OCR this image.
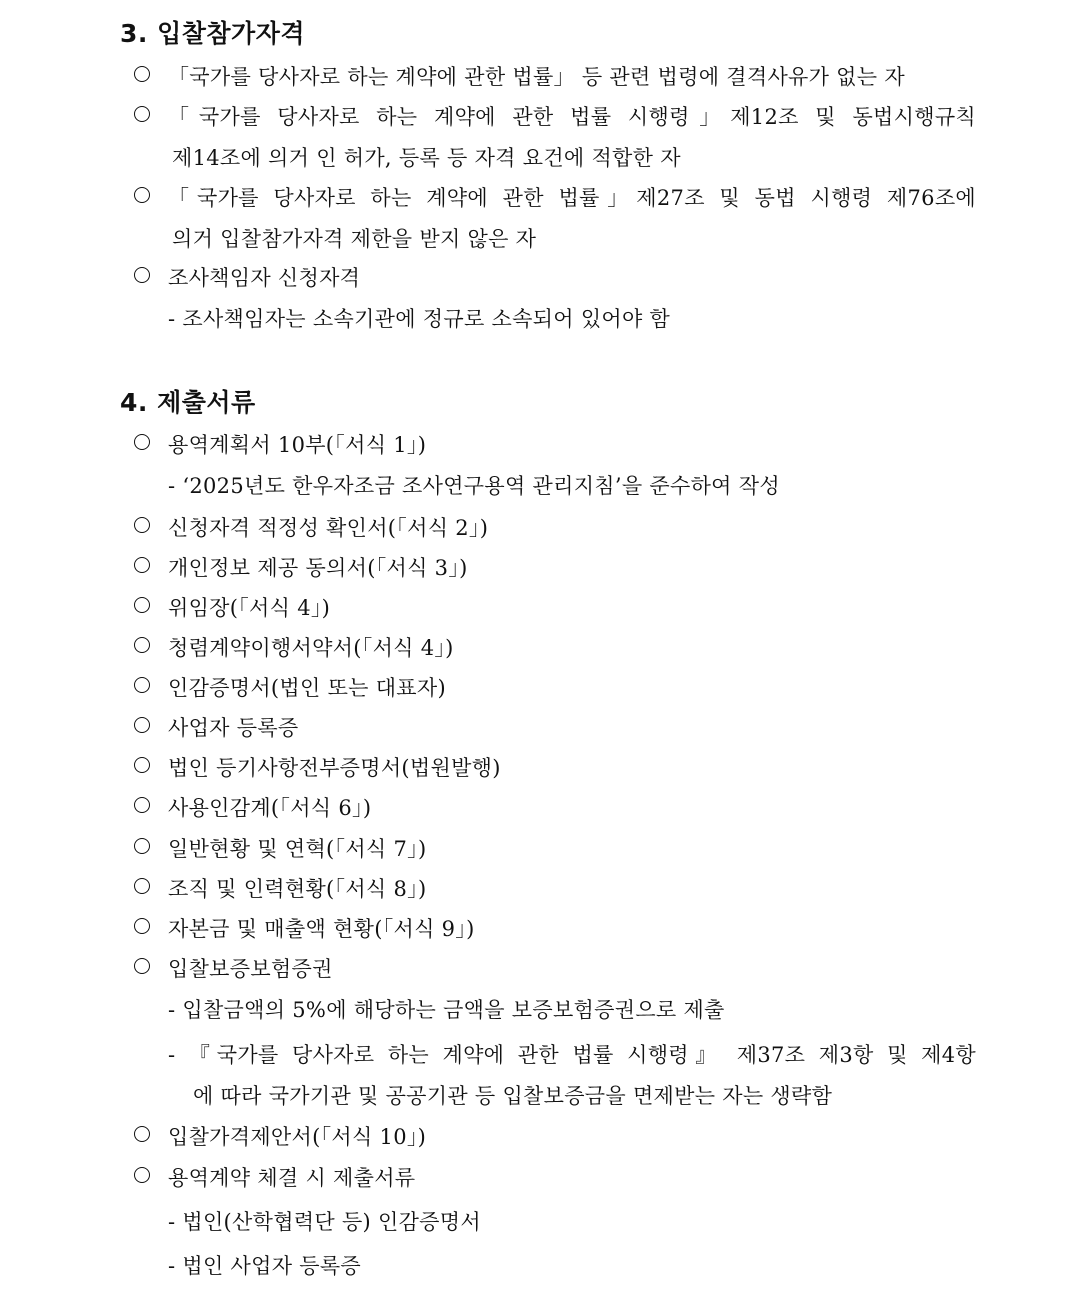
3. 입찰참가자격
「국가를 당사자로 하는 계약에 관한 법률」 등 관련 법령에 결격사유가 없는 자
「국가를 당사자로 하는 계약에 관한 법률 시행령」제12조 및 동법시행규칙
제14조에 의거 인 허가, 등록 등 자격 요건에 적합한 자
「국가를 당사자로 하는 계약에 관한 법률」제27조 및 동법 시행령 제76조에
의거 입찰참가자격 제한을 받지 않은 자
조사책임자 신청자격
- 조사책임자는 소속기관에 정규로 소속되어 있어야 함
4. 제출서류
용역계획서 10부(「서식 1」)
- ‘2025년도 한우자조금 조사연구용역 관리지침’을 준수하여 작성
신청자격 적정성 확인서(「서식 2」)
개인정보 제공 동의서(「서식 3」)
위임장(「서식 4」)
청렴계약이행서약서(「서식 4」)
인감증명서(법인 또는 대표자)
사업자 등록증
법인 등기사항전부증명서(법원발행)
사용인감계(「서식 6」)
일반현황 및 연혁(「서식 7」)
조직 및 인력현황(「서식 8」)
자본금 및 매출액 현황(「서식 9」)
입찰보증보험증권
- 입찰금액의 5%에 해당하는 금액을 보증보험증권으로 제출
- 『국가를 당사자로 하는 계약에 관한 법률 시행령』 제37조 제3항 및 제4항
에 따라 국가기관 및 공공기관 등 입찰보증금을 면제받는 자는 생략함
입찰가격제안서(「서식 10」)
용역계약 체결 시 제출서류
- 법인(산학협력단 등) 인감증명서
- 법인 사업자 등록증
